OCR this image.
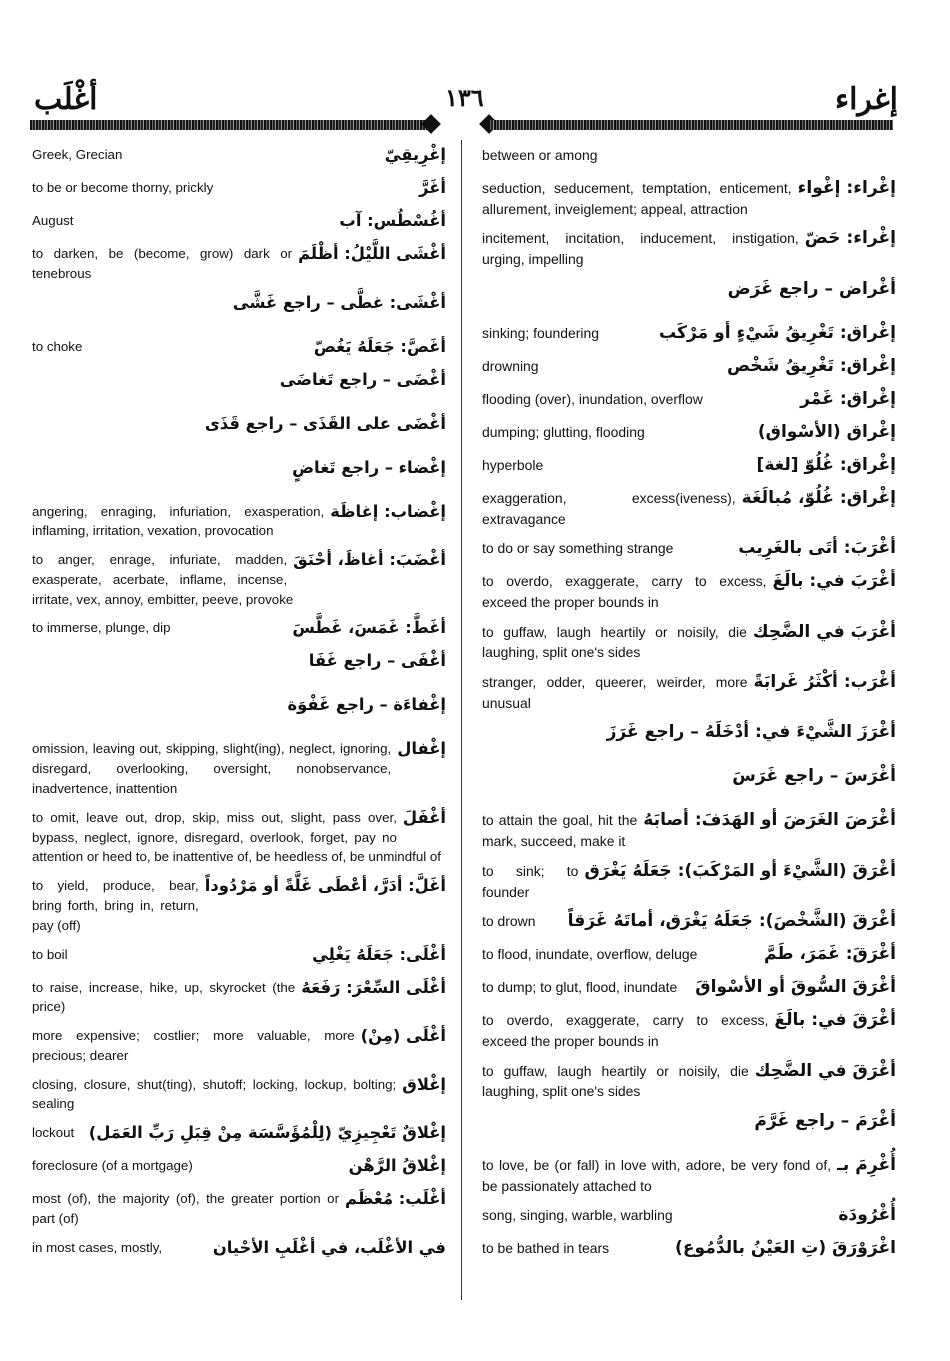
أغْلَب	١٣٦	إغراء
إغْرِيقِيّ
Greek, Grecian
أغَرَّ
to be or become thorny, prickly
أغُسْطُس: آب
August
أغْشَى اللَّيْلُ: أظْلَمَ
to darken, be (become, grow) dark or tenebrous
أغْشَى: غطَّى – راجع غَشَّى
أغَصَّ: جَعَلَهُ يَغُصّ
to choke
أغْضَى – راجع تَغاضَى
أغْضَى على القَذَى – راجع قَذَى
إغْضاء – راجع تَغاضٍ
إغْضاب: إغاظَة
angering, enraging, infuriation, exasperation, inflaming, irritation, vexation, provocation
أغْضَبَ: أغاظَ، أحْنَقَ
to anger, enrage, infuriate, madden, exasperate, acerbate, inflame, incense, irritate, vex, annoy, embitter, peeve, provoke
أغَطَّ: غَمَسَ، غَطَّسَ
to immerse, plunge, dip
أغْفَى – راجع غَفَا
إغْفاءَة – راجع غَفْوَة
إغْفال
omission, leaving out, skipping, slight(ing), neglect, ignoring, disregard, overlooking, oversight, nonobservance, inadvertence, inattention
أغْفَلَ
to omit, leave out, drop, skip, miss out, slight, pass over, bypass, neglect, ignore, disregard, overlook, forget, pay no attention or heed to, be inattentive of, be heedless of, be unmindful of
أغَلَّ: أدَرَّ، أعْطَى غَلَّةً أو مَرْدُوداً
to yield, produce, bear, bring forth, bring in, return, pay (off)
أغْلَى: جَعَلَهُ يَغْلِي
to boil
أغْلَى السِّعْرَ: رَفَعَهُ
to raise, increase, hike, up, skyrocket (the price)
أغْلَى (مِنْ)
more expensive; costlier; more valuable, more precious; dearer
إغْلاق
closing, closure, shut(ting), shutoff; locking, lockup, bolting; sealing
إغْلاقٌ تَعْجِيزِيّ (لِلْمُؤَسَّسَة مِنْ قِبَلِ رَبِّ العَمَل)
lockout
إغْلاقُ الرَّهْن
foreclosure (of a mortgage)
أغْلَب: مُعْظَم
most (of), the majority (of), the greater portion or part (of)
في الأغْلَب، في أغْلَبِ الأحْيان
in most cases, mostly,
between or among
إغْراء: إغْواء
seduction, seducement, temptation, enticement, allurement, inveiglement; appeal, attraction
إغْراء: حَضّ
incitement, incitation, inducement, instigation, urging, impelling
أغْراض – راجع غَرَض
إغْراق: تَغْرِيقُ شَيْءٍ أو مَرْكَب
sinking; foundering
إغْراق: تَغْرِيقُ شَخْص
drowning
إغْراق: غَمْر
flooding (over), inundation, overflow
إغْراق (الأسْواق)
dumping; glutting, flooding
إغْراق: غُلُوّ [لغة]
hyperbole
إغْراق: غُلُوّ، مُبالَغَة
exaggeration, excess(iveness), extravagance
أغْرَبَ: أتَى بالغَرِيب
to do or say something strange
أغْرَبَ في: بالَغَ
to overdo, exaggerate, carry to excess, exceed the proper bounds in
أغْرَبَ في الضَّحِك
to guffaw, laugh heartily or noisily, die laughing, split one's sides
أغْرَب: أكْثَرُ غَرابَةً
stranger, odder, queerer, weirder, more unusual
أغْرَزَ الشَّيْءَ في: أدْخَلَهُ – راجع غَرَزَ
أغْرَسَ – راجع غَرَسَ
أغْرَضَ الغَرَضَ أو الهَدَفَ: أصابَهُ
to attain the goal, hit the mark, succeed, make it
أغْرَقَ (الشَّيْءَ أو المَرْكَبَ): جَعَلَهُ يَغْرَق
to sink; to founder
أغْرَقَ (الشَّخْصَ): جَعَلَهُ يَغْرَق، أماتَهُ غَرَقاً
to drown
أغْرَقَ: غَمَرَ، طَمَّ
to flood, inundate, overflow, deluge
أغْرَقَ السُّوقَ أو الأسْواقَ
to dump; to glut, flood, inundate
أغْرَقَ في: بالَغَ
to overdo, exaggerate, carry to excess, exceed the proper bounds in
أغْرَقَ في الضَّحِك
to guffaw, laugh heartily or noisily, die laughing, split one's sides
أغْرَمَ – راجع غَرَّمَ
أُغْرِمَ بـ
to love, be (or fall) in love with, adore, be very fond of, be passionately attached to
أُغْرُودَة
song, singing, warble, warbling
اغْرَوْرَقَ (تِ العَيْنُ بالدُّمُوع)
to be bathed in tears
